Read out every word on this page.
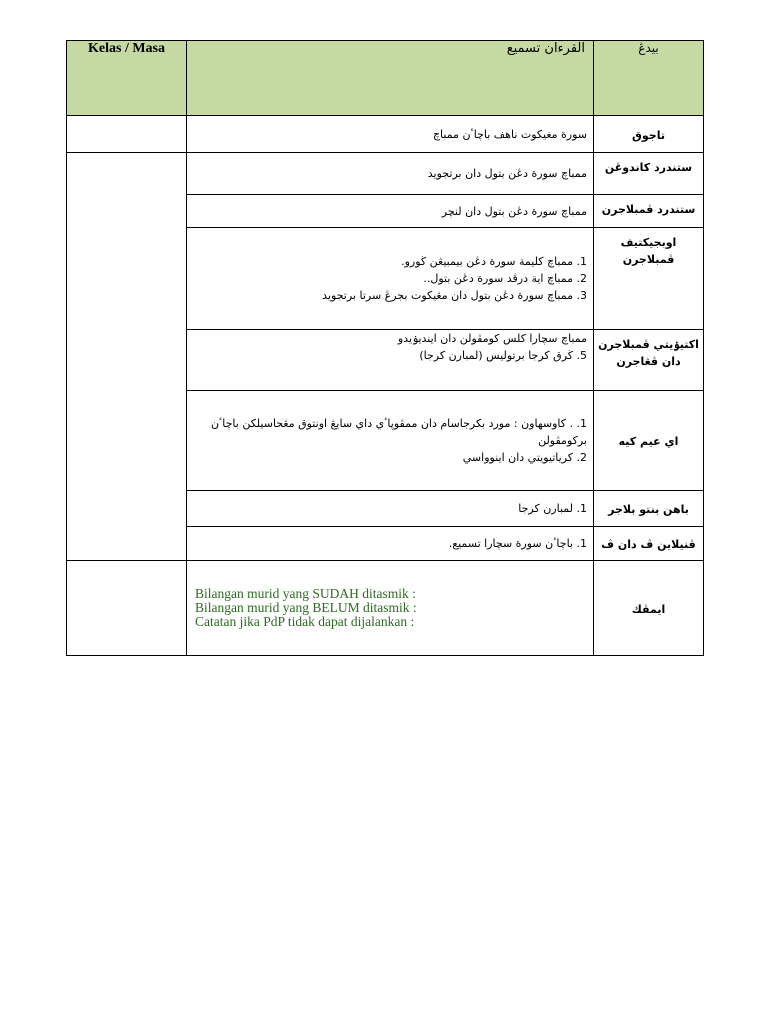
Kelas / Masa	القرءان تسميع	بيدڠ
	سورة مغيكوت ناهف باچاٴن ممباچ	تاجوق
	ممباچ سورة دڠن بتول دان برتجويد	ستندرد كاندوڠن
	ممباچ سورة دڠن بتول دان لنچر	ستندرد ڤمبلاجرن

	1. ممباچ كليمة سورة دڠن بيمبيڠن ڬورو.
2. ممباچ اية درڤد سورة دڠن بتول..
3. ممباچ سورة دڠن بتول دان مڠيكوت بجرڠ سرتا برتجويد	اوبجيكتيف ڤمبلاجرن

	ممباچ سچارا كلس كومڤولن دان اينديۏيدو
5. ڬرق كرجا برتوليس (لمبارن كرجا)	اكتيۏيتي ڤمبلاجرن دان ڤڠاجرن

	1. . كاوسهاون : مورد بكرجاسام دان ممڤوڽاٴي داي سايڠ اونتوق مڠحاسيلكن باچاٴن بركومڤولن
2. كرياتيويتي دان اينوواسي	اي عيم كيه
	1. لمبارن كرجا	باهن بنتو بلاجر
	1. باچاٴن سورة سچارا تسميع.	ڤنيلاين ڤ دان ڤ

	Bilangan murid yang SUDAH ditasmik :
Bilangan murid yang BELUM ditasmik :
Catatan jika PdP tidak dapat dijalankan :	ايمڤك
